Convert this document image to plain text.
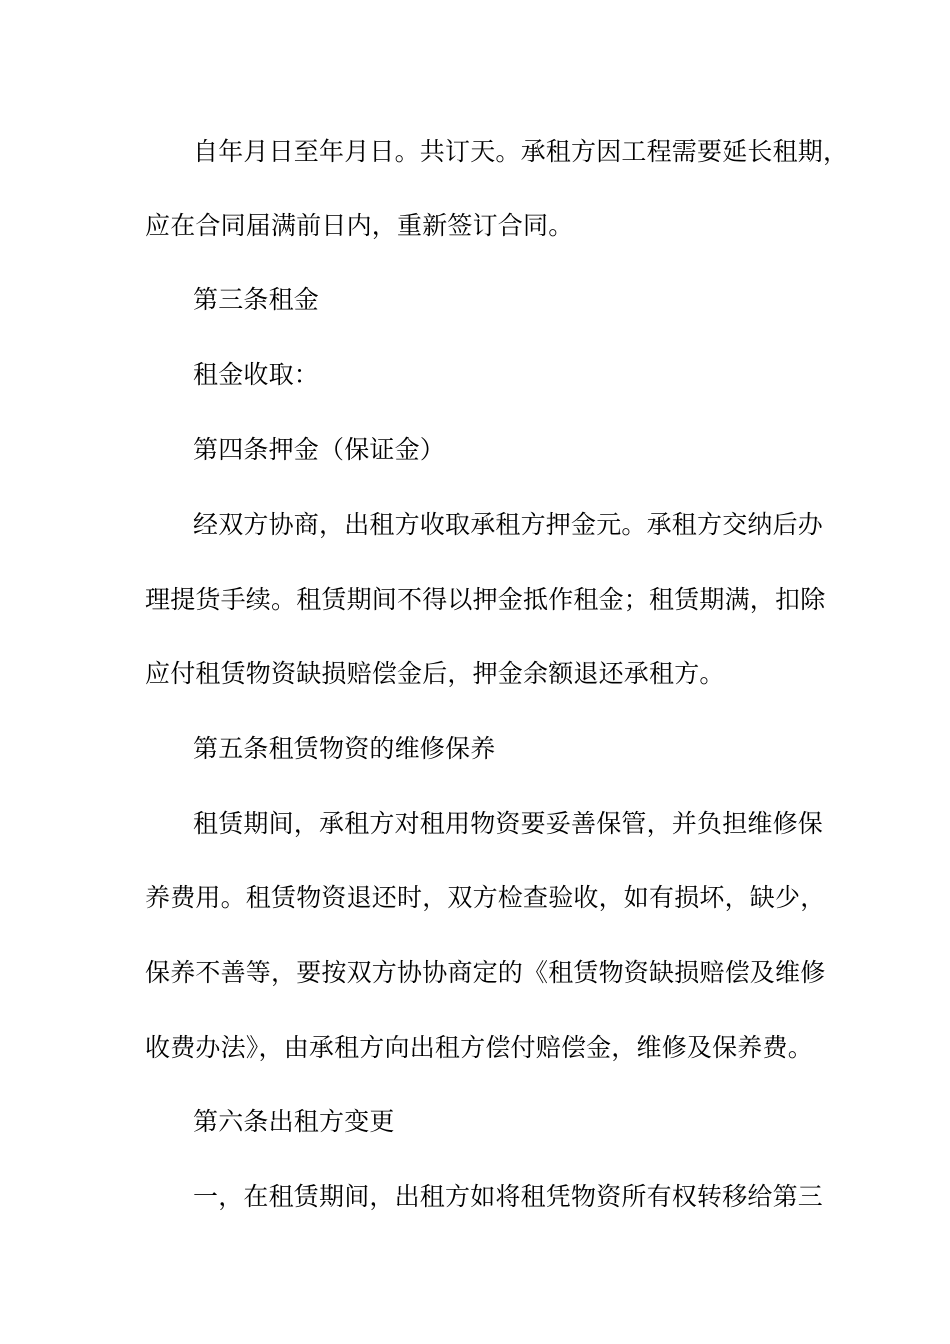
自年月日至年月日。共订天。承租方因工程需要延长租期，
应在合同届满前日内，重新签订合同。
第三条租金
租金收取：
第四条押金（保证金）
经双方协商，出租方收取承租方押金元。承租方交纳后办
理提货手续。租赁期间不得以押金抵作租金；租赁期满，扣除
应付租赁物资缺损赔偿金后，押金余额退还承租方。
第五条租赁物资的维修保养
租赁期间，承租方对租用物资要妥善保管，并负担维修保
养费用。租赁物资退还时，双方检查验收，如有损坏，缺少，
保养不善等，要按双方协协商定的《租赁物资缺损赔偿及维修
收费办法》，由承租方向出租方偿付赔偿金，维修及保养费。
第六条出租方变更
一，在租赁期间，出租方如将租凭物资所有权转移给第三
